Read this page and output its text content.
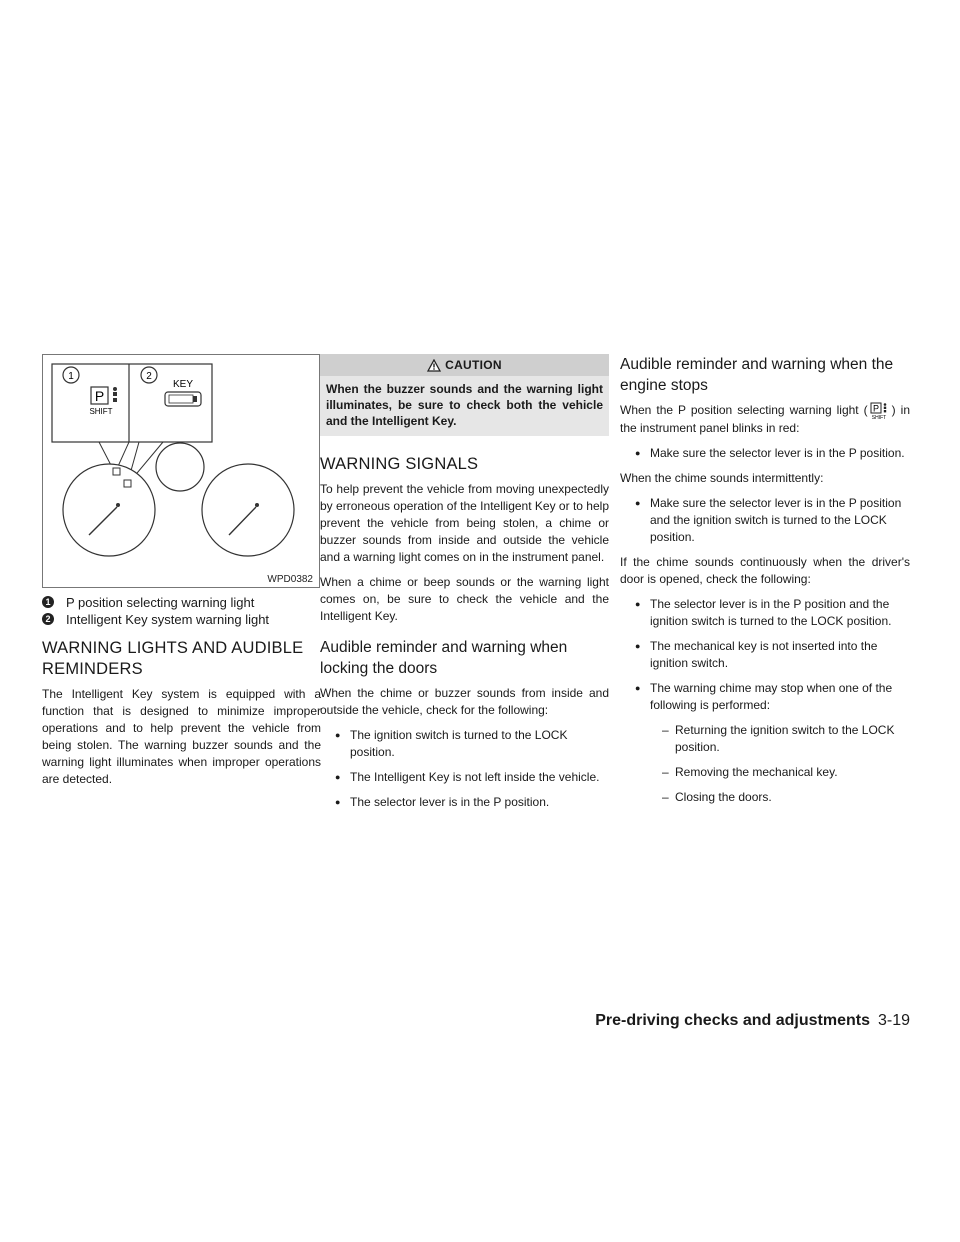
1
P
SHIFT
2
KEY
WPD0382
1 P position selecting warning light
2 Intelligent Key system warning light
WARNING LIGHTS AND AUDIBLE REMINDERS

The Intelligent Key system is equipped with a function that is designed to minimize improper operations and to help prevent the vehicle from being stolen. The warning buzzer sounds and the warning light illuminates when improper operations are detected.

CAUTION
When the buzzer sounds and the warning light illuminates, be sure to check both the vehicle and the Intelligent Key.
WARNING SIGNALS

To help prevent the vehicle from moving unexpectedly by erroneous operation of the Intelligent Key or to help prevent the vehicle from being stolen, a chime or buzzer sounds from inside and outside the vehicle and a warning light comes on in the instrument panel.

When a chime or beep sounds or the warning light comes on, be sure to check the vehicle and the Intelligent Key.

Audible reminder and warning when locking the doors

When the chime or buzzer sounds from inside and outside the vehicle, check for the following:

● The ignition switch is turned to the LOCK position.
● The Intelligent Key is not left inside the vehicle.
● The selector lever is in the P position.
Audible reminder and warning when the engine stops

When the P position selecting warning light ( P
SHIFT
) in the instrument panel blinks in red:

● Make sure the selector lever is in the P position.

When the chime sounds intermittently:

● Make sure the selector lever is in the P position and the ignition switch is turned to the LOCK position.

If the chime sounds continuously when the driver's door is opened, check the following:

● The selector lever is in the P position and the ignition switch is turned to the LOCK position.
● The mechanical key is not inserted into the ignition switch.
● The warning chime may stop when one of the following is performed:
– Returning the ignition switch to the LOCK position.
– Removing the mechanical key.
– Closing the doors.
Pre-driving checks and adjustments 3-19
